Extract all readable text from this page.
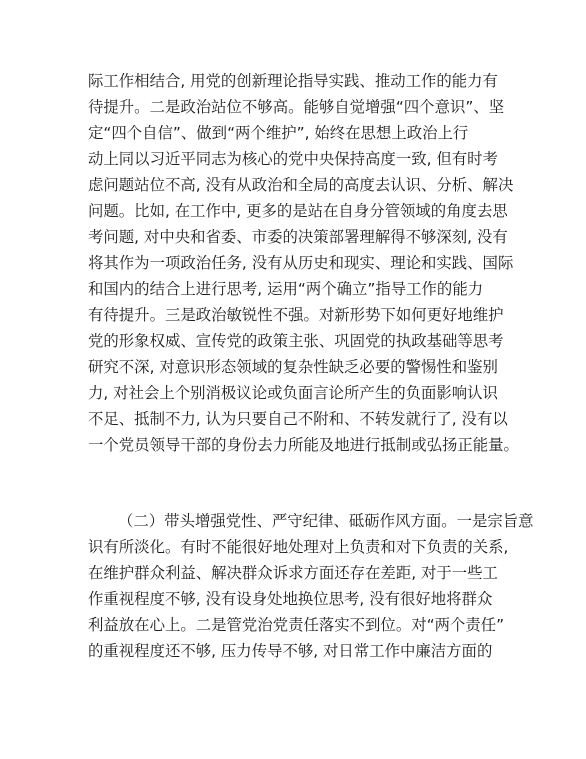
际工作相结合, 用党的创新理论指导实践、推动工作的能力有

待提升。二是政治站位不够高。能够自觉增强“四个意识”、坚

定“四个自信”、做到“两个维护”, 始终在思想上政治上行

动上同以习近平同志为核心的党中央保持高度一致, 但有时考

虑问题站位不高, 没有从政治和全局的高度去认识、分析、解决

问题。比如, 在工作中, 更多的是站在自身分管领域的角度去思

考问题, 对中央和省委、市委的决策部署理解得不够深刻, 没有

将其作为一项政治任务, 没有从历史和现实、理论和实践、国际

和国内的结合上进行思考, 运用“两个确立”指导工作的能力

有待提升。三是政治敏锐性不强。对新形势下如何更好地维护

党的形象权威、宣传党的政策主张、巩固党的执政基础等思考

研究不深, 对意识形态领域的复杂性缺乏必要的警惕性和鉴别

力, 对社会上个别消极议论或负面言论所产生的负面影响认识

不足、抵制不力, 认为只要自己不附和、不转发就行了, 没有以

一个党员领导干部的身份去力所能及地进行抵制或弘扬正能量。

（二）带头增强党性、严守纪律、砥砺作风方面。一是宗旨意

识有所淡化。有时不能很好地处理对上负责和对下负责的关系,

在维护群众利益、解决群众诉求方面还存在差距, 对于一些工

作重视程度不够, 没有设身处地换位思考, 没有很好地将群众

利益放在心上。二是管党治党责任落实不到位。对“两个责任”

的重视程度还不够, 压力传导不够, 对日常工作中廉洁方面的
